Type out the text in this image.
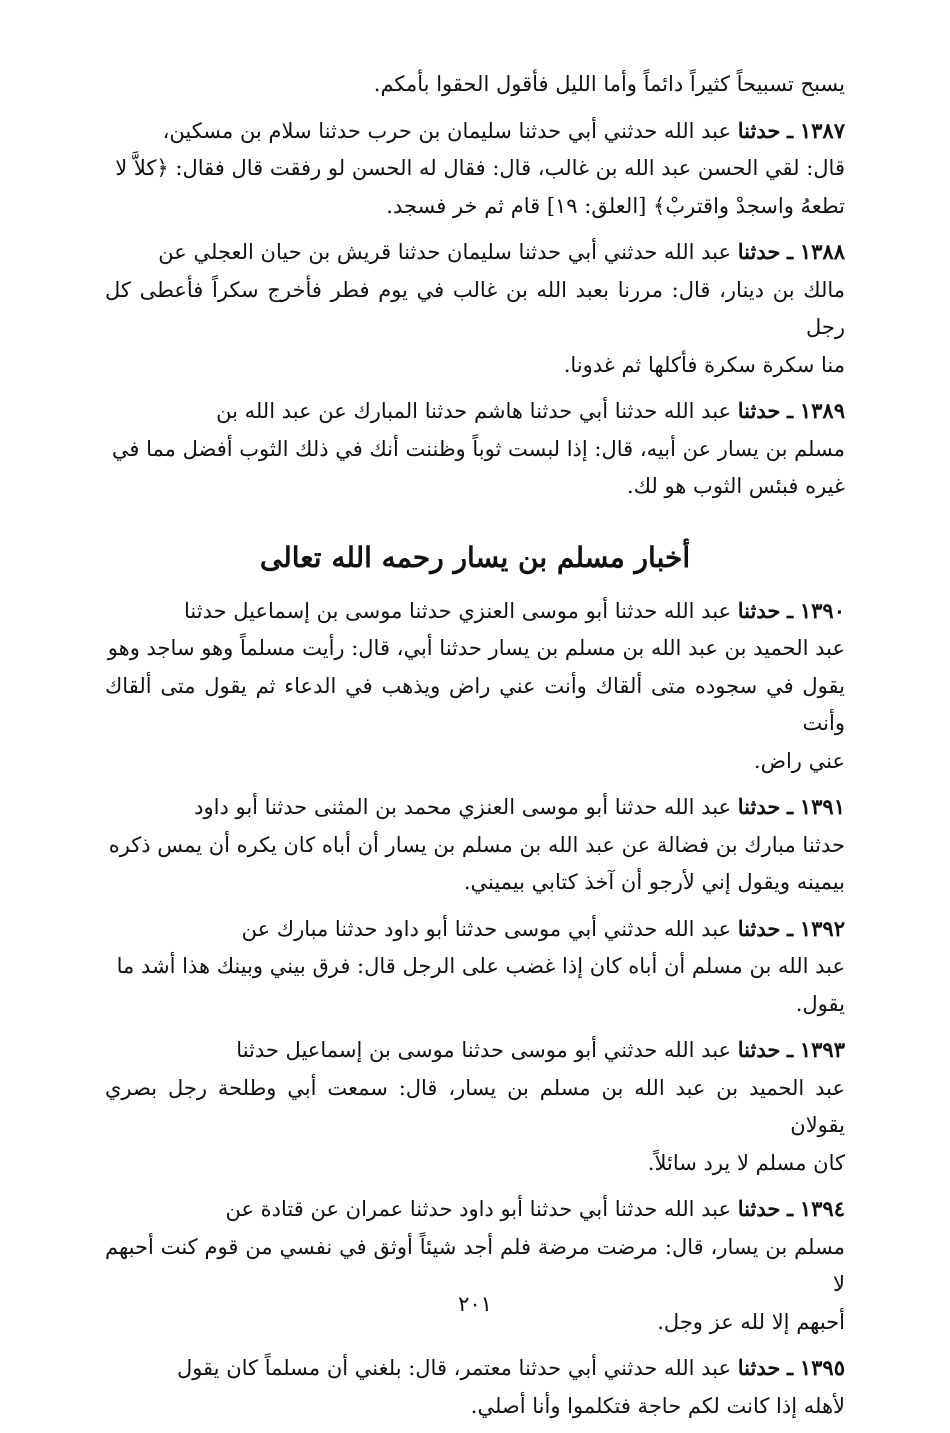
يسبح تسبيحاً كثيراً دائماً وأما الليل فأقول الحقوا بأمكم.

١٣٨٧ ـ حدثنا عبد الله حدثني أبي حدثنا سليمان بن حرب حدثنا سلام بن مسكين،
قال: لقي الحسن عبد الله بن غالب، قال: فقال له الحسن لو رفقت قال فقال: ﴿كلاَّ لا
تطعهُ واسجدْ واقتربْ﴾ [العلق: ١٩] قام ثم خر فسجد.
١٣٨٨ ـ حدثنا عبد الله حدثني أبي حدثنا سليمان حدثنا قريش بن حيان العجلي عن
مالك بن دينار، قال: مررنا بعبد الله بن غالب في يوم فطر فأخرج سكراً فأعطى كل رجل
منا سكرة سكرة فأكلها ثم غدونا.
١٣٨٩ ـ حدثنا عبد الله حدثنا أبي حدثنا هاشم حدثنا المبارك عن عبد الله بن
مسلم بن يسار عن أبيه، قال: إذا لبست ثوباً وظننت أنك في ذلك الثوب أفضل مما في
غيره فبئس الثوب هو لك.
أخبار مسلم بن يسار رحمه الله تعالى
١٣٩٠ ـ حدثنا عبد الله حدثنا أبو موسى العنزي حدثنا موسى بن إسماعيل حدثنا
عبد الحميد بن عبد الله بن مسلم بن يسار حدثنا أبي، قال: رأيت مسلماً وهو ساجد وهو
يقول في سجوده متى ألقاك وأنت عني راض ويذهب في الدعاء ثم يقول متى ألقاك وأنت
عني راض.
١٣٩١ ـ حدثنا عبد الله حدثنا أبو موسى العنزي محمد بن المثنى حدثنا أبو داود
حدثنا مبارك بن فضالة عن عبد الله بن مسلم بن يسار أن أباه كان يكره أن يمس ذكره
بيمينه ويقول إني لأرجو أن آخذ كتابي بيميني.
١٣٩٢ ـ حدثنا عبد الله حدثني أبي موسى حدثنا أبو داود حدثنا مبارك عن
عبد الله بن مسلم أن أباه كان إذا غضب على الرجل قال: فرق بيني وبينك هذا أشد ما
يقول.
١٣٩٣ ـ حدثنا عبد الله حدثني أبو موسى حدثنا موسى بن إسماعيل حدثنا
عبد الحميد بن عبد الله بن مسلم بن يسار، قال: سمعت أبي وطلحة رجل بصري يقولان
كان مسلم لا يرد سائلاً.
١٣٩٤ ـ حدثنا عبد الله حدثنا أبي حدثنا أبو داود حدثنا عمران عن قتادة عن
مسلم بن يسار، قال: مرضت مرضة فلم أجد شيئاً أوثق في نفسي من قوم كنت أحبهم لا
أحبهم إلا لله عز وجل.
١٣٩٥ ـ حدثنا عبد الله حدثني أبي حدثنا معتمر، قال: بلغني أن مسلماً كان يقول
لأهله إذا كانت لكم حاجة فتكلموا وأنا أصلي.
٢٠١
